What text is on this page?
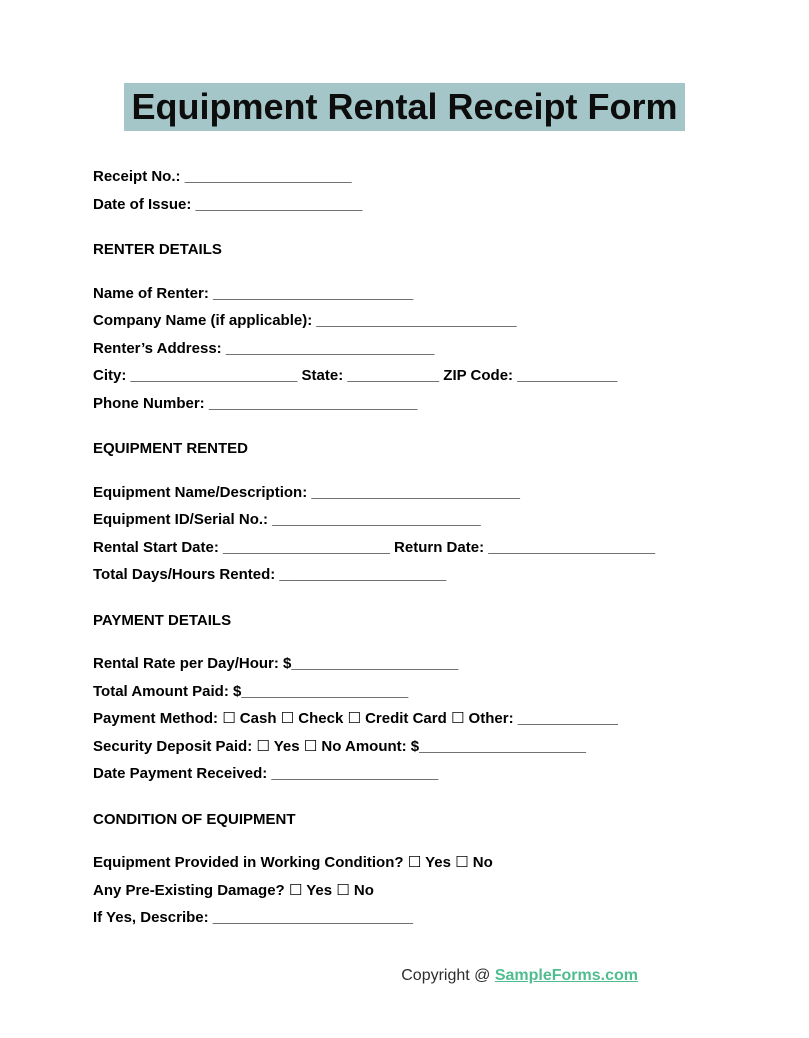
Equipment Rental Receipt Form

Receipt No.: ____________________

Date of Issue: ____________________

RENTER DETAILS

Name of Renter: ________________________

Company Name (if applicable): ________________________

Renter’s Address: _________________________

City: ____________________ State: ___________ ZIP Code: ____________

Phone Number: _________________________

EQUIPMENT RENTED

Equipment Name/Description: _________________________

Equipment ID/Serial No.: _________________________

Rental Start Date: ____________________ Return Date: ____________________

Total Days/Hours Rented: ____________________

PAYMENT DETAILS

Rental Rate per Day/Hour: $____________________

Total Amount Paid: $____________________

Payment Method: ☐ Cash ☐ Check ☐ Credit Card ☐ Other: ____________

Security Deposit Paid: ☐ Yes ☐ No Amount: $____________________

Date Payment Received: ____________________

CONDITION OF EQUIPMENT

Equipment Provided in Working Condition? ☐ Yes ☐ No

Any Pre-Existing Damage? ☐ Yes ☐ No

If Yes, Describe: ________________________

Copyright @ SampleForms.com
